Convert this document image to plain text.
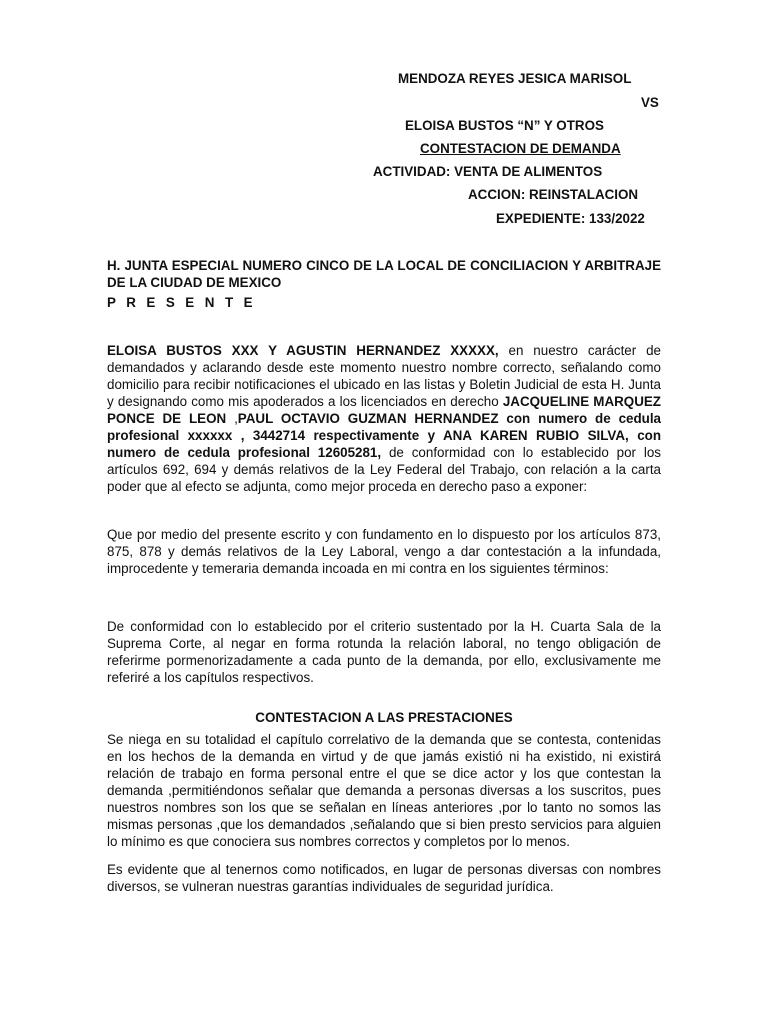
MENDOZA REYES JESICA MARISOL
VS
ELOISA BUSTOS “N” Y OTROS
CONTESTACION DE DEMANDA
ACTIVIDAD: VENTA DE ALIMENTOS
ACCION: REINSTALACION
EXPEDIENTE: 133/2022

H. JUNTA ESPECIAL NUMERO CINCO DE LA LOCAL DE CONCILIACION Y ARBITRAJE DE LA CIUDAD DE MEXICO

P R E S E N T E

ELOISA BUSTOS XXX Y AGUSTIN HERNANDEZ XXXXX, en nuestro carácter de demandados y aclarando desde este momento nuestro nombre correcto, señalando como domicilio para recibir notificaciones el ubicado en las listas y Boletin Judicial de esta H. Junta y designando como mis apoderados a los licenciados en derecho JACQUELINE MARQUEZ PONCE DE LEON ,PAUL OCTAVIO GUZMAN HERNANDEZ con numero de cedula profesional xxxxxx , 3442714 respectivamente y ANA KAREN RUBIO SILVA, con numero de cedula profesional 12605281, de conformidad con lo establecido por los artículos 692, 694 y demás relativos de la Ley Federal del Trabajo, con relación a la carta poder que al efecto se adjunta, como mejor proceda en derecho paso a exponer:

Que por medio del presente escrito y con fundamento en lo dispuesto por los artículos 873, 875, 878 y demás relativos de la Ley Laboral, vengo a dar contestación a la infundada, improcedente y temeraria demanda incoada en mi contra en los siguientes términos:

De conformidad con lo establecido por el criterio sustentado por la H. Cuarta Sala de la Suprema Corte, al negar en forma rotunda la relación laboral, no tengo obligación de referirme pormenorizadamente a cada punto de la demanda, por ello, exclusivamente me referiré a los capítulos respectivos.

CONTESTACION A LAS PRESTACIONES

Se niega en su totalidad el capítulo correlativo de la demanda que se contesta, contenidas en los hechos de la demanda en virtud y de que jamás existió ni ha existido, ni existirá relación de trabajo en forma personal entre el que se dice actor y los que contestan la demanda ,permitiéndonos señalar que demanda a personas diversas a los suscritos, pues nuestros nombres son los que se señalan en líneas anteriores ,por lo tanto no somos las mismas personas ,que los demandados ,señalando que si bien presto servicios para alguien lo mínimo es que conociera sus nombres correctos y completos por lo menos.

Es evidente que al tenernos como notificados, en lugar de personas diversas con nombres diversos, se vulneran nuestras garantías individuales de seguridad jurídica.
